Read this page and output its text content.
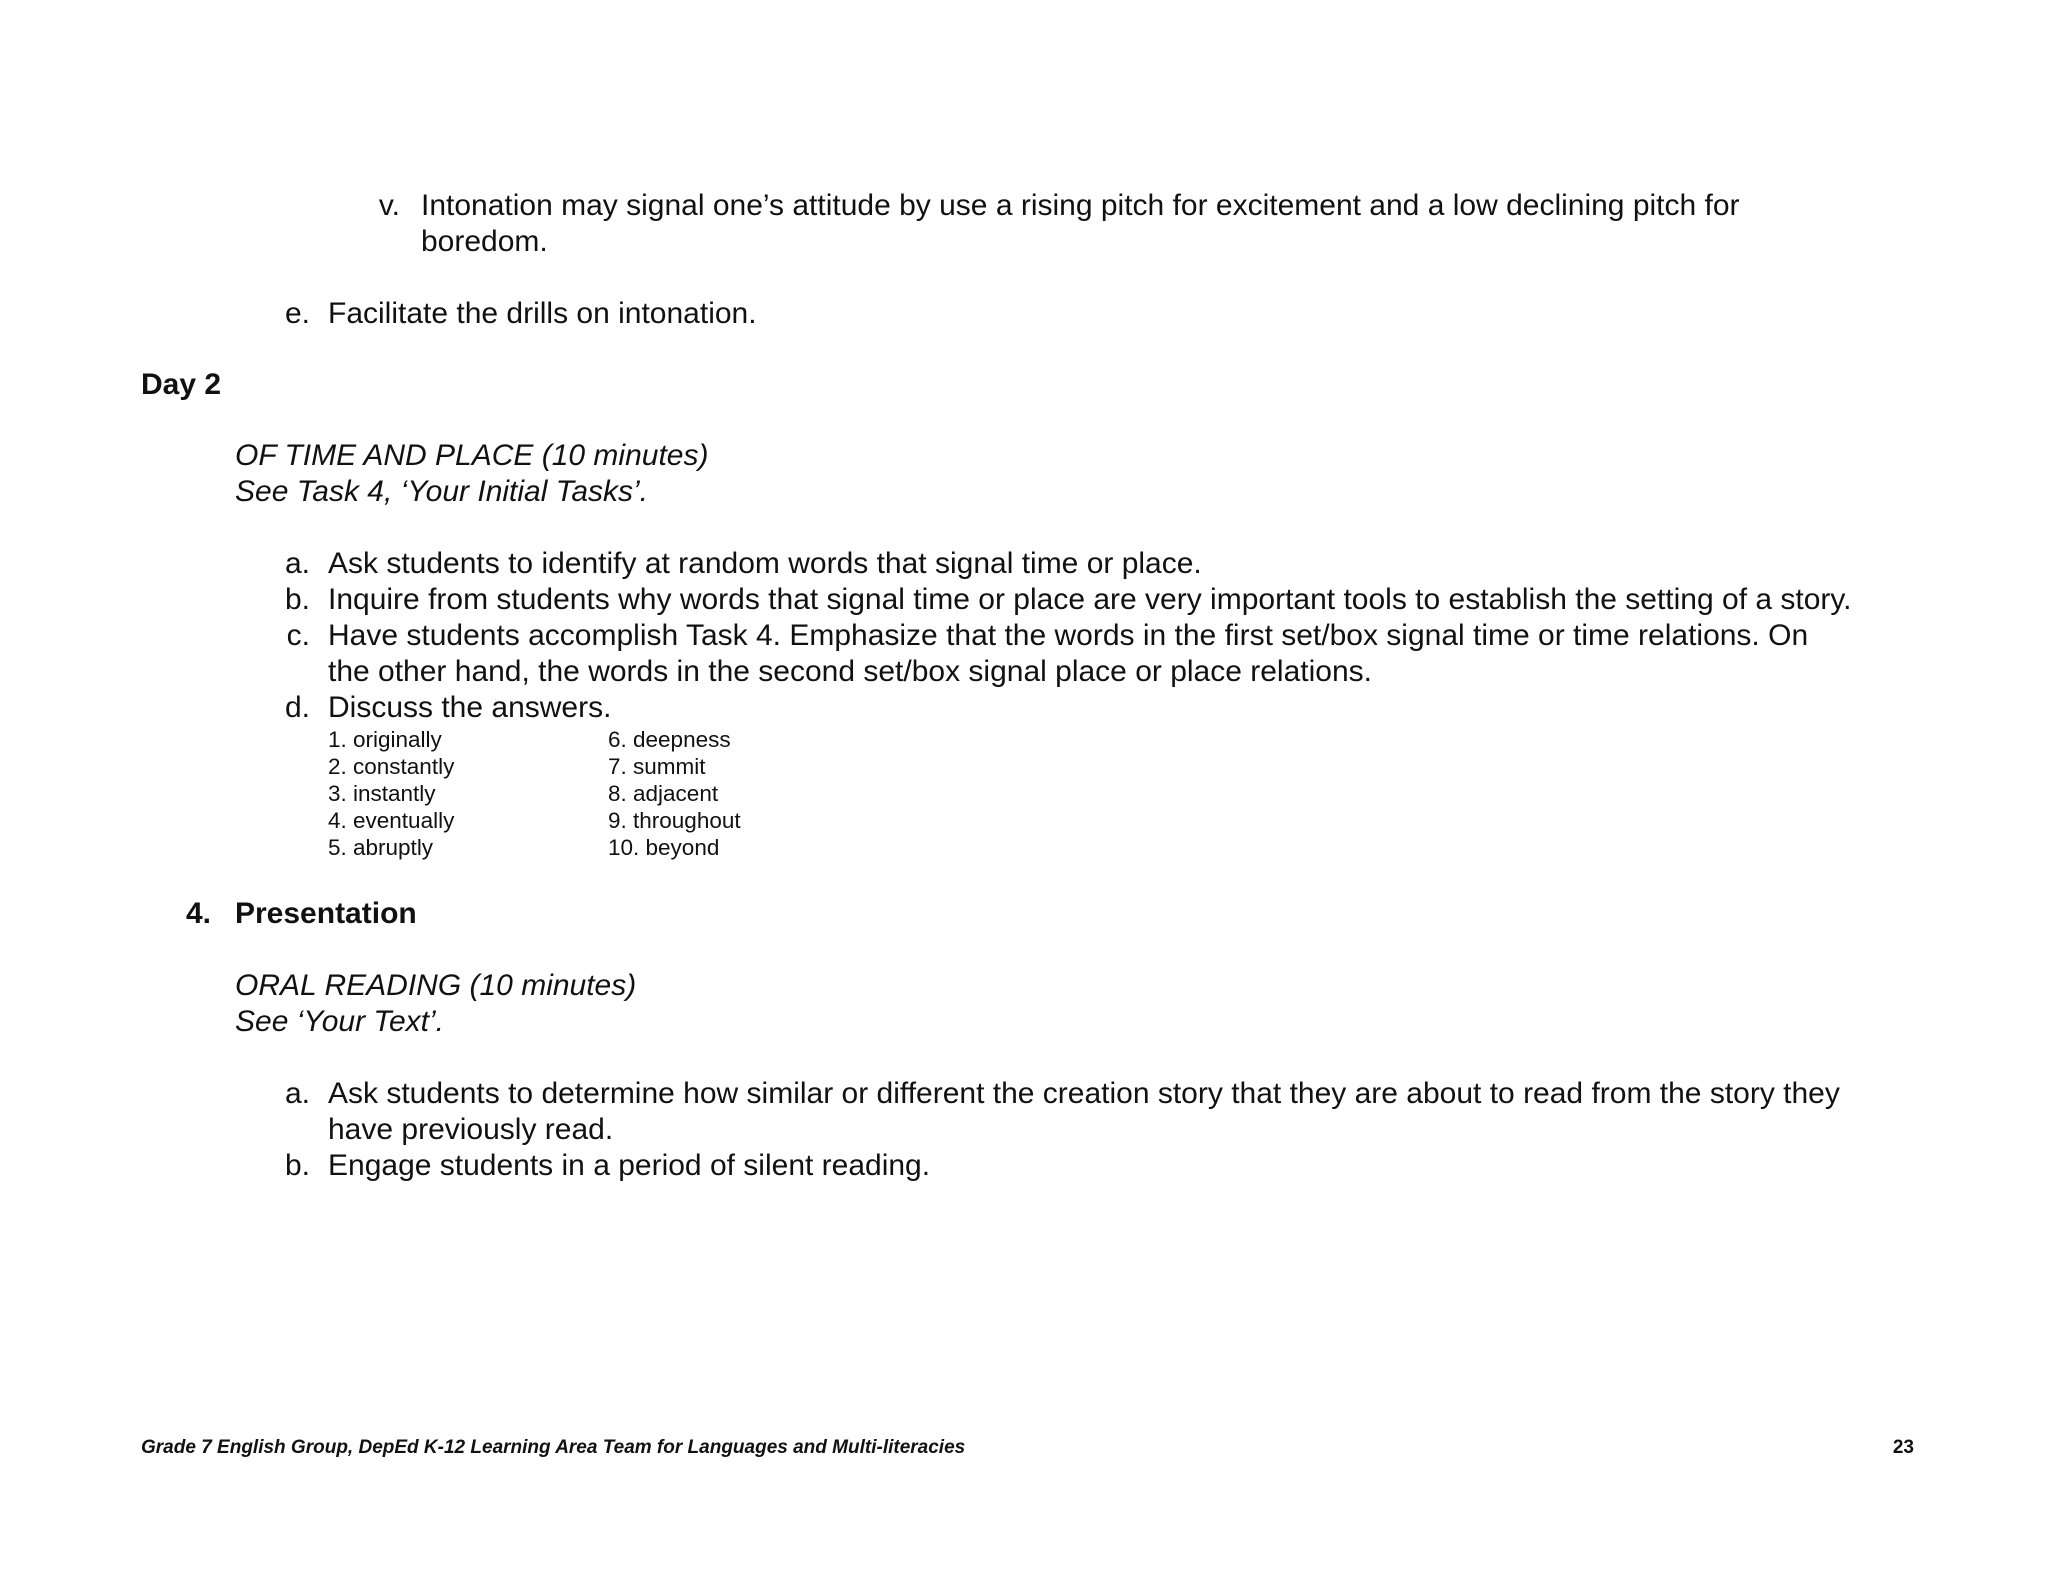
v. Intonation may signal one’s attitude by use a rising pitch for excitement and a low declining pitch for
boredom.
e. Facilitate the drills on intonation.
Day 2
OF TIME AND PLACE (10 minutes)
See Task 4, ‘Your Initial Tasks’.
a. Ask students to identify at random words that signal time or place.
b. Inquire from students why words that signal time or place are very important tools to establish the setting of a story.
c. Have students accomplish Task 4. Emphasize that the words in the first set/box signal time or time relations. On
the other hand, the words in the second set/box signal place or place relations.
d. Discuss the answers.
1. originally
2. constantly
3. instantly
4. eventually
5. abruptly
6. deepness
7. summit
8. adjacent
9. throughout
10. beyond
4. Presentation
ORAL READING (10 minutes)
See ‘Your Text’.
a. Ask students to determine how similar or different the creation story that they are about to read from the story they
have previously read.
b. Engage students in a period of silent reading.
Grade 7 English Group, DepEd K-12 Learning Area Team for Languages and Multi-literacies	23
